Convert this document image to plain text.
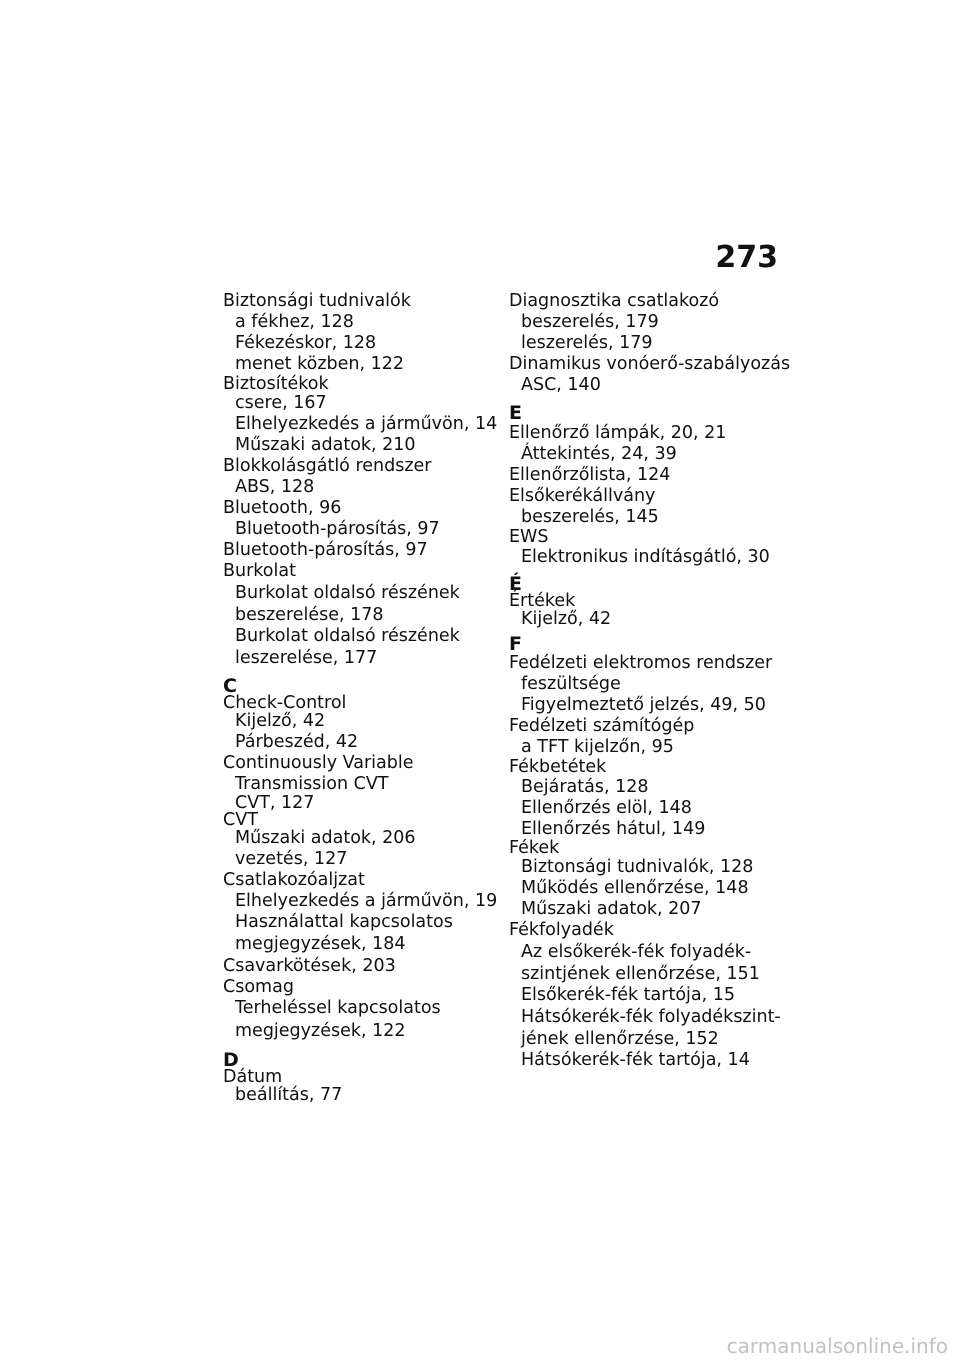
273
Biztonsági tudnivalók
a fékhez, 128
Fékezéskor, 128
menet közben, 122
Biztosítékok
csere, 167
Elhelyezkedés a járművön, 14
Műszaki adatok, 210
Blokkolásgátló rendszer
ABS, 128
Bluetooth, 96
Bluetooth-párosítás, 97
Bluetooth-párosítás, 97
Burkolat
Burkolat oldalsó részének
beszerelése, 178
Burkolat oldalsó részének
leszerelése, 177
C
Check-Control
Kijelző, 42
Párbeszéd, 42
Continuously Variable
Transmission CVT
CVT, 127
CVT
Műszaki adatok, 206
vezetés, 127
Csatlakozóaljzat
Elhelyezkedés a járművön, 19
Használattal kapcsolatos
megjegyzések, 184
Csavarkötések, 203
Csomag
Terheléssel kapcsolatos
megjegyzések, 122
D
Dátum
beállítás, 77
Diagnosztika csatlakozó
beszerelés, 179
leszerelés, 179
Dinamikus vonóerő-szabályozás
ASC, 140
E
Ellenőrző lámpák, 20, 21
Áttekintés, 24, 39
Ellenőrzőlista, 124
Elsőkerékállvány
beszerelés, 145
EWS
Elektronikus indításgátló, 30
É
Értékek
Kijelző, 42
F
Fedélzeti elektromos rendszer
feszültsége
Figyelmeztető jelzés, 49, 50
Fedélzeti számítógép
a TFT kijelzőn, 95
Fékbetétek
Bejáratás, 128
Ellenőrzés elöl, 148
Ellenőrzés hátul, 149
Fékek
Biztonsági tudnivalók, 128
Működés ellenőrzése, 148
Műszaki adatok, 207
Fékfolyadék
Az elsőkerék-fék folyadék-
szintjének ellenőrzése, 151
Elsőkerék-fék tartója, 15
Hátsókerék-fék folyadékszint-
jének ellenőrzése, 152
Hátsókerék-fék tartója, 14
carmanualsonline.info
